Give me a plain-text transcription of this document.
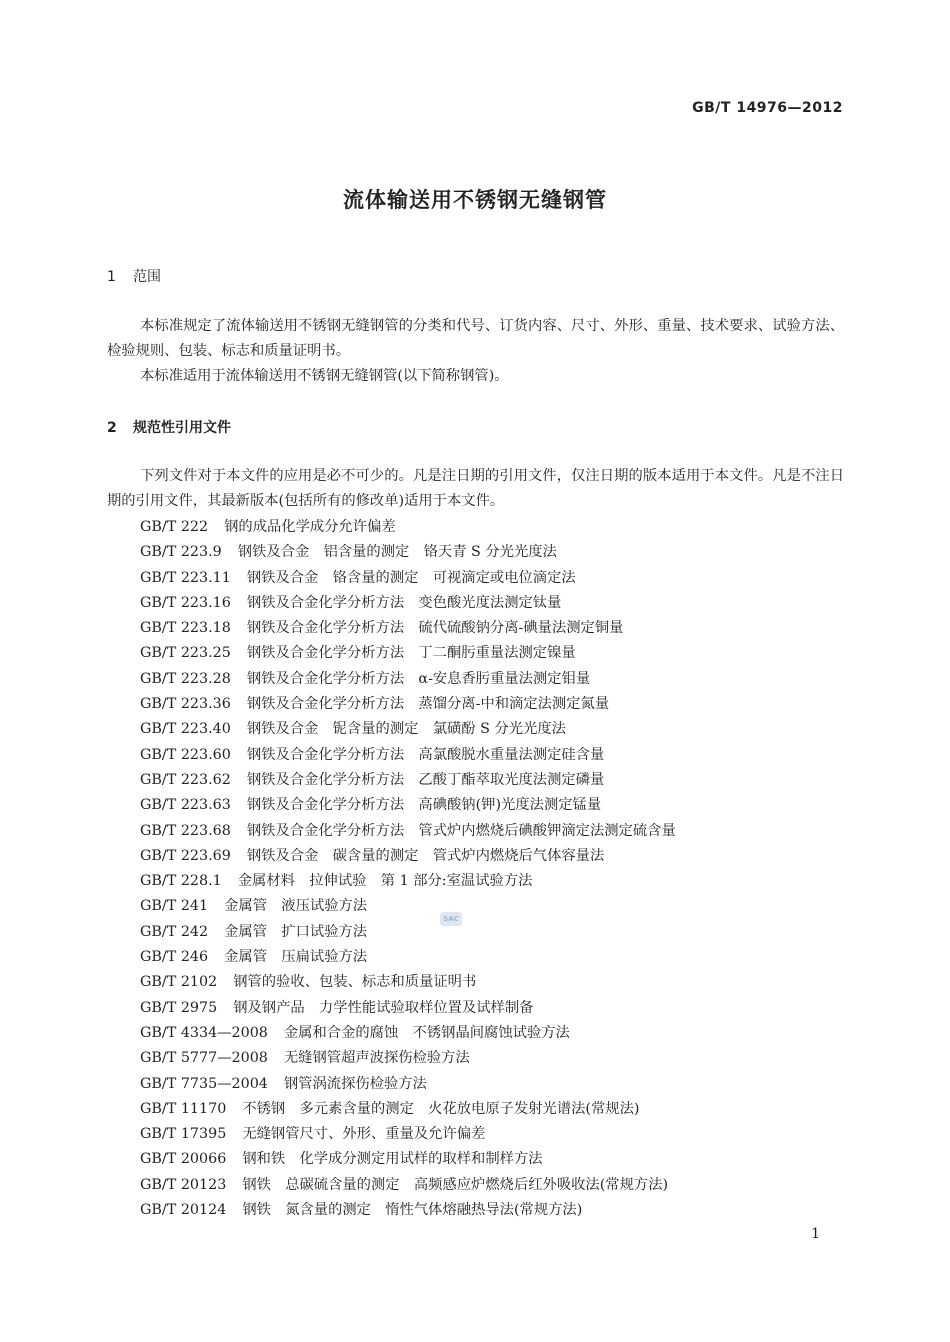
GB/T 14976—2012
流体输送用不锈钢无缝钢管
1 范围

本标准规定了流体输送用不锈钢无缝钢管的分类和代号、订货内容、尺寸、外形、重量、技术要求、试验方法、检验规则、包装、标志和质量证明书。

本标准适用于流体输送用不锈钢无缝钢管(以下简称钢管)。

2 规范性引用文件

下列文件对于本文件的应用是必不可少的。凡是注日期的引用文件，仅注日期的版本适用于本文件。凡是不注日期的引用文件，其最新版本(包括所有的修改单)适用于本文件。

GB/T 222 钢的成品化学成分允许偏差
GB/T 223.9 钢铁及合金　铝含量的测定　铬天青 S 分光光度法
GB/T 223.11 钢铁及合金　铬含量的测定　可视滴定或电位滴定法
GB/T 223.16 钢铁及合金化学分析方法　变色酸光度法测定钛量
GB/T 223.18 钢铁及合金化学分析方法　硫代硫酸钠分离-碘量法测定铜量
GB/T 223.25 钢铁及合金化学分析方法　丁二酮肟重量法测定镍量
GB/T 223.28 钢铁及合金化学分析方法　α-安息香肟重量法测定钼量
GB/T 223.36 钢铁及合金化学分析方法　蒸馏分离-中和滴定法测定氮量
GB/T 223.40 钢铁及合金　铌含量的测定　氯磺酚 S 分光光度法
GB/T 223.60 钢铁及合金化学分析方法　高氯酸脱水重量法测定硅含量
GB/T 223.62 钢铁及合金化学分析方法　乙酸丁酯萃取光度法测定磷量
GB/T 223.63 钢铁及合金化学分析方法　高碘酸钠(钾)光度法测定锰量
GB/T 223.68 钢铁及合金化学分析方法　管式炉内燃烧后碘酸钾滴定法测定硫含量
GB/T 223.69 钢铁及合金　碳含量的测定　管式炉内燃烧后气体容量法
GB/T 228.1 金属材料　拉伸试验　第 1 部分:室温试验方法
GB/T 241 金属管　液压试验方法
GB/T 242 金属管　扩口试验方法
GB/T 246 金属管　压扁试验方法
GB/T 2102 钢管的验收、包装、标志和质量证明书
GB/T 2975 钢及钢产品　力学性能试验取样位置及试样制备
GB/T 4334—2008 金属和合金的腐蚀　不锈钢晶间腐蚀试验方法
GB/T 5777—2008 无缝钢管超声波探伤检验方法
GB/T 7735—2004 钢管涡流探伤检验方法
GB/T 11170 不锈钢　多元素含量的测定　火花放电原子发射光谱法(常规法)
GB/T 17395 无缝钢管尺寸、外形、重量及允许偏差
GB/T 20066 钢和铁　化学成分测定用试样的取样和制样方法
GB/T 20123 钢铁　总碳硫含量的测定　高频感应炉燃烧后红外吸收法(常规方法)
GB/T 20124 钢铁　氮含量的测定　惰性气体熔融热导法(常规方法)
SAC
1
